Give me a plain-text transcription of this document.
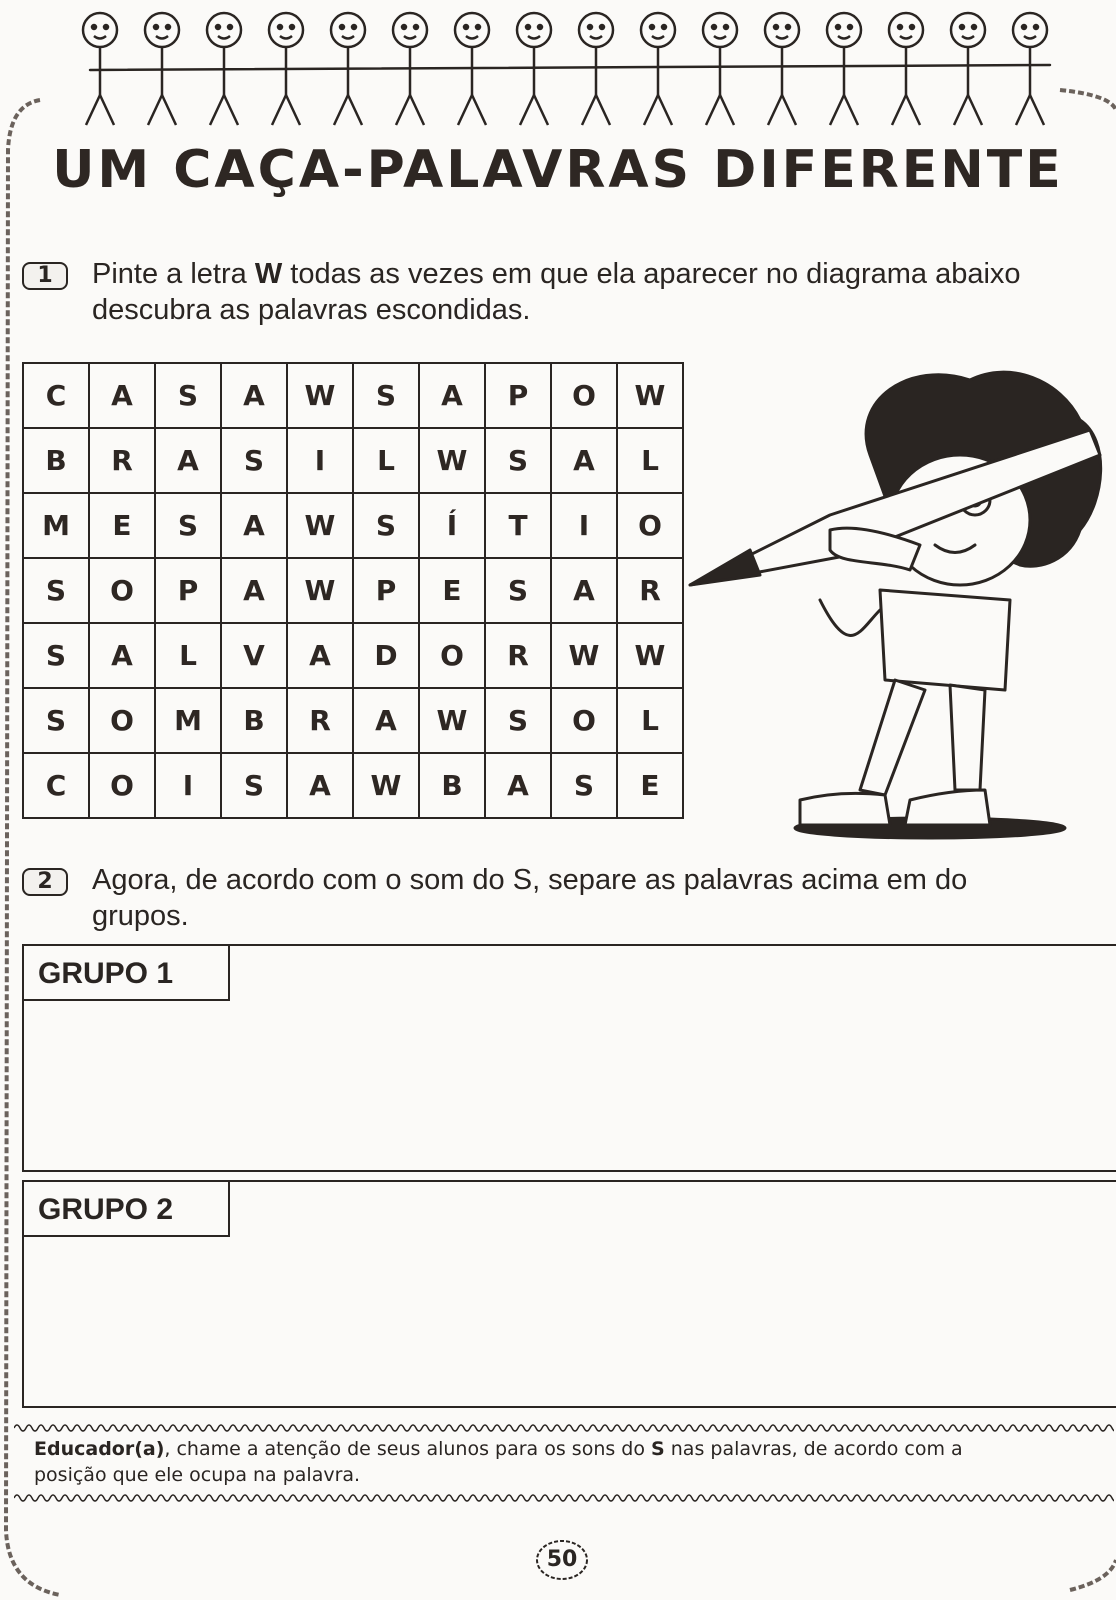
UM CAÇA-PALAVRAS DIFERENTE
1	Pinte a letra W todas as vezes em que ela aparecer no diagrama abaixo
descubra as palavras escondidas.
C	A	S	A	W	S	A	P	O	W
B	R	A	S	I	L	W	S	A	L
M	E	S	A	W	S	Í	T	I	O
S	O	P	A	W	P	E	S	A	R
S	A	L	V	A	D	O	R	W	W
S	O	M	B	R	A	W	S	O	L
C	O	I	S	A	W	B	A	S	E
2	Agora, de acordo com o som do S, separe as palavras acima em do
grupos.
GRUPO 1
GRUPO 2
Educador(a), chame a atenção de seus alunos para os sons do S nas palavras, de acordo com a
posição que ele ocupa na palavra.
50
